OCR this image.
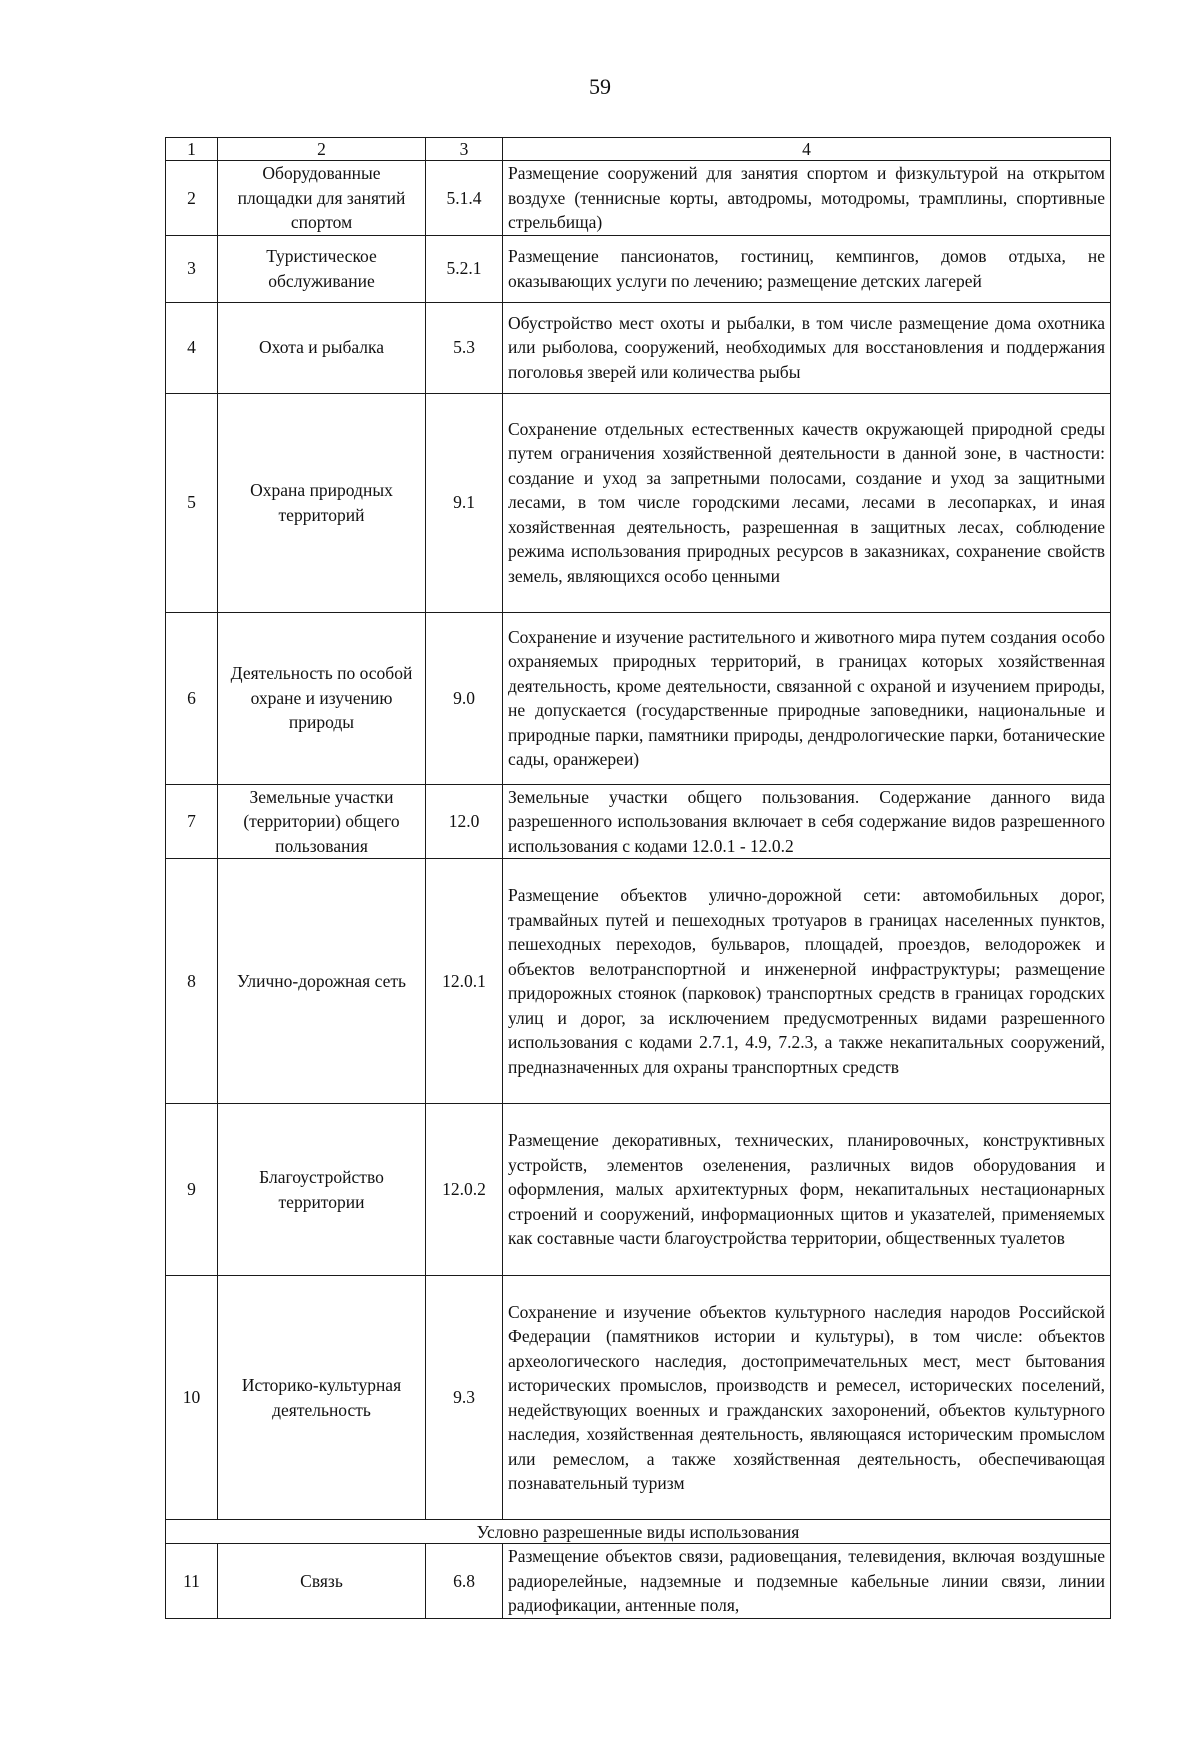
59
1	2	3	4
2	Оборудованные площадки для занятий спортом	5.1.4	Размещение сооружений для занятия спортом и физкультурой на открытом воздухе (теннисные корты, автодромы, мотодромы, трамплины, спортивные стрельбища)
3	Туристическое обслуживание	5.2.1	Размещение пансионатов, гостиниц, кемпингов, домов отдыха, не оказывающих услуги по лечению; размещение детских лагерей
4	Охота и рыбалка	5.3	Обустройство мест охоты и рыбалки, в том числе размещение дома охотника или рыболова, сооружений, необходимых для восстановления и поддержания поголовья зверей или количества рыбы
5	Охрана природных территорий	9.1	Сохранение отдельных естественных качеств окружающей природной среды путем ограничения хозяйственной деятельности в данной зоне, в частности: создание и уход за запретными полосами, создание и уход за защитными лесами, в том числе городскими лесами, лесами в лесопарках, и иная хозяйственная деятельность, разрешенная в защитных лесах, соблюдение режима использования природных ресурсов в заказниках, сохранение свойств земель, являющихся особо ценными
6	Деятельность по особой охране и изучению природы	9.0	Сохранение и изучение растительного и животного мира путем создания особо охраняемых природных территорий, в границах которых хозяйственная деятельность, кроме деятельности, связанной с охраной и изучением природы, не допускается (государственные природные заповедники, национальные и природные парки, памятники природы, дендрологические парки, ботанические сады, оранжереи)
7	Земельные участки (территории) общего пользования	12.0	Земельные участки общего пользования. Содержание данного вида разрешенного использования включает в себя содержание видов разрешенного использования с кодами 12.0.1 - 12.0.2
8	Улично-дорожная сеть	12.0.1	Размещение объектов улично-дорожной сети: автомобильных дорог, трамвайных путей и пешеходных тротуаров в границах населенных пунктов, пешеходных переходов, бульваров, площадей, проездов, велодорожек и объектов велотранспортной и инженерной инфраструктуры; размещение придорожных стоянок (парковок) транспортных средств в границах городских улиц и дорог, за исключением предусмотренных видами разрешенного использования с кодами 2.7.1, 4.9, 7.2.3, а также некапитальных сооружений, предназначенных для охраны транспортных средств
9	Благоустройство территории	12.0.2	Размещение декоративных, технических, планировочных, конструктивных устройств, элементов озеленения, различных видов оборудования и оформления, малых архитектурных форм, некапитальных нестационарных строений и сооружений, информационных щитов и указателей, применяемых как составные части благоустройства территории, общественных туалетов
10	Историко-культурная деятельность	9.3	Сохранение и изучение объектов культурного наследия народов Российской Федерации (памятников истории и культуры), в том числе: объектов археологического наследия, достопримечательных мест, мест бытования исторических промыслов, производств и ремесел, исторических поселений, недействующих военных и гражданских захоронений, объектов культурного наследия, хозяйственная деятельность, являющаяся историческим промыслом или ремеслом, а также хозяйственная деятельность, обеспечивающая познавательный туризм
Условно разрешенные виды использования			
11	Связь	6.8	Размещение объектов связи, радиовещания, телевидения, включая воздушные радиорелейные, надземные и подземные кабельные линии связи, линии радиофикации, антенные поля,
